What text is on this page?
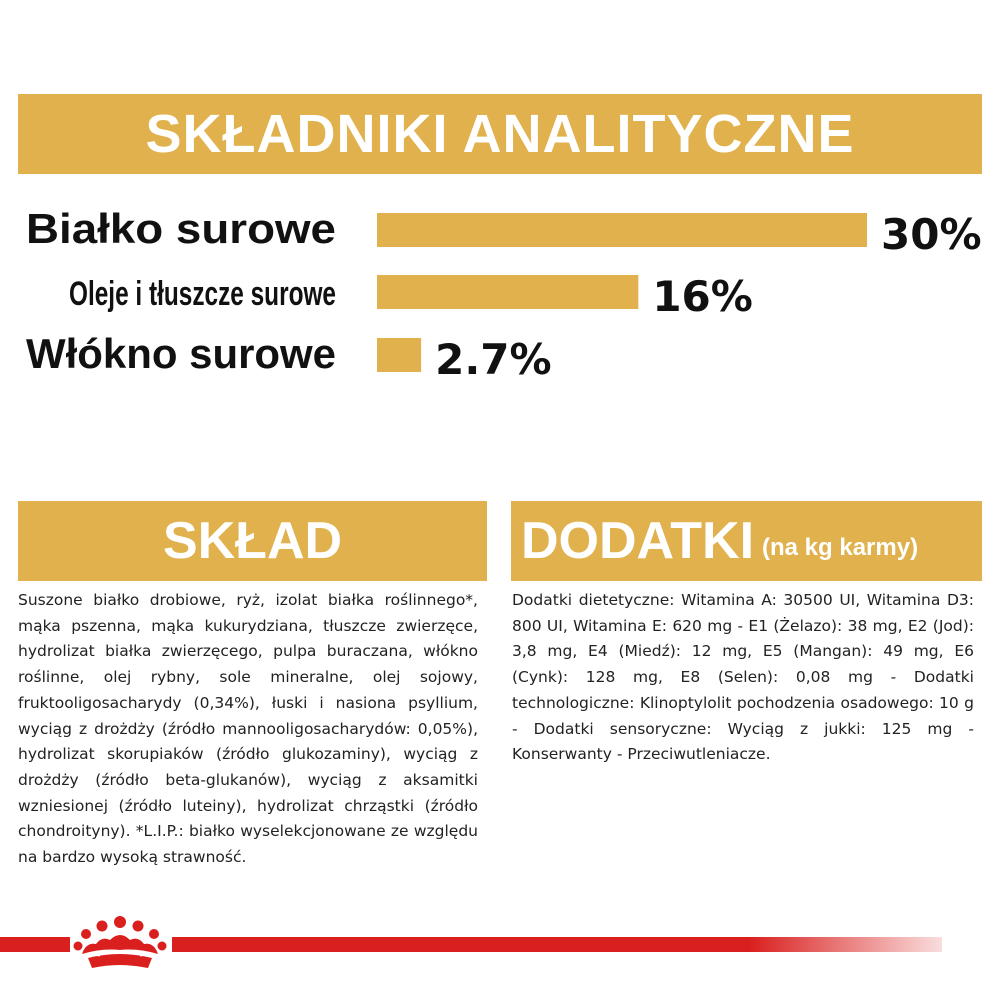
SKŁADNIKI ANALITYCZNE
Białko surowe	30%
Oleje i tłuszcze surowe	16%
Włókno surowe 2.7%
SKŁAD
Suszone białko drobiowe, ryż, izolat białka roślinnego*, mąka pszenna, mąka kukurydziana, tłuszcze zwierzęce, hydrolizat białka zwierzęcego, pulpa buraczana, włókno roślinne, olej rybny, sole mineralne, olej sojowy, fruktooligosacharydy (0,34%), łuski i nasiona psyllium, wyciąg z drożdży (źródło mannooligosacharydów: 0,05%), hydrolizat skorupiaków (źródło glukozaminy), wyciąg z drożdży (źródło beta-glukanów), wyciąg z aksamitki wzniesionej (źródło luteiny), hydrolizat chrząstki (źródło chondroityny). *L.I.P.: białko wyselekcjonowane ze względu na bardzo wysoką strawność.
DODATKI (na kg karmy)
Dodatki dietetyczne: Witamina A: 30500 UI, Witamina D3: 800 UI, Witamina E: 620 mg - E1 (Żelazo): 38 mg, E2 (Jod): 3,8 mg, E4 (Miedź): 12 mg, E5 (Mangan): 49 mg, E6 (Cynk): 128 mg, E8 (Selen): 0,08 mg - Dodatki technologiczne: Klinoptylolit pochodzenia osadowego: 10 g - Dodatki sensoryczne: Wyciąg z jukki: 125 mg - Konserwanty - Przeciwutleniacze.
